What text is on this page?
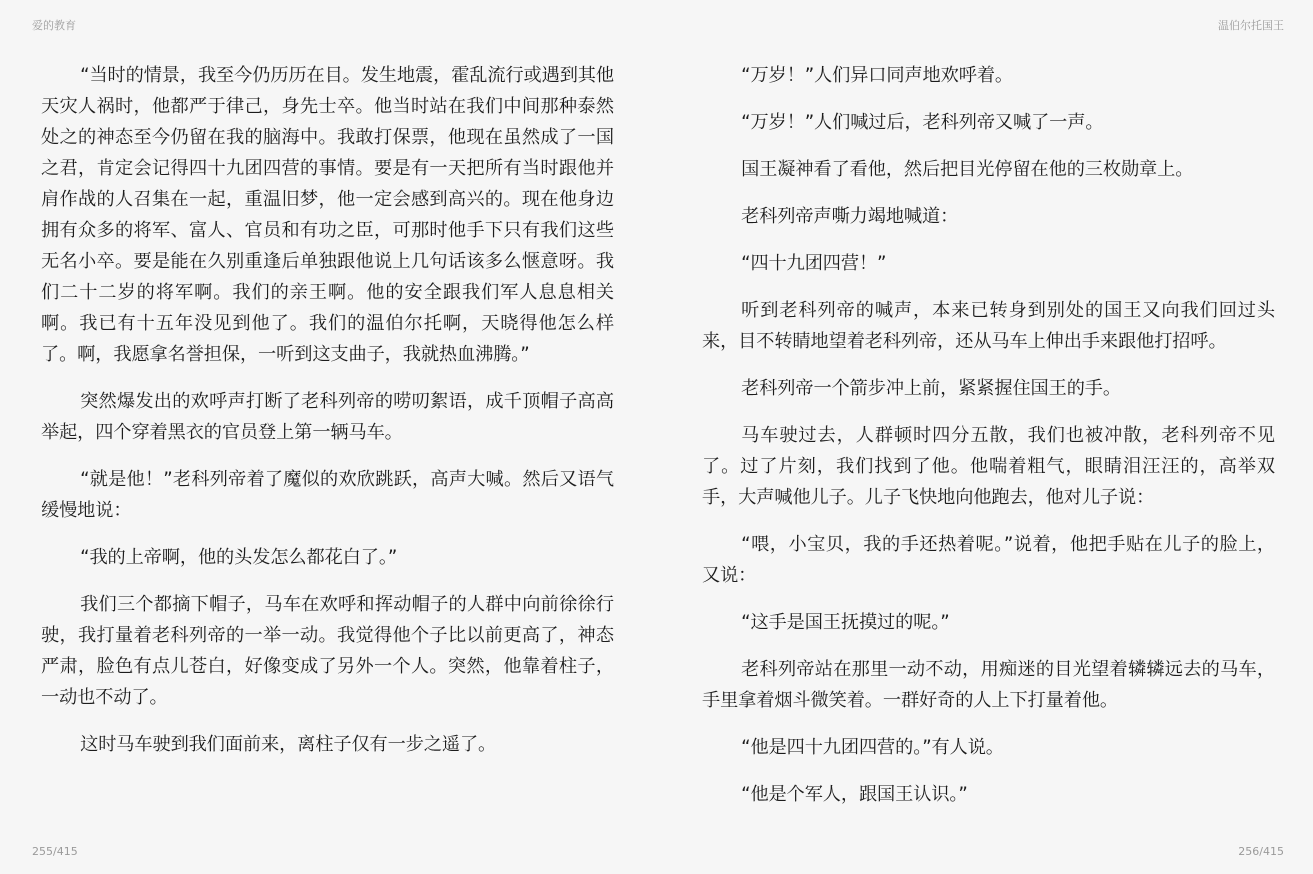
爱的教育	温伯尔托国王

“当时的情景，我至今仍历历在目。发生地震，霍乱流行或遇到其他天灾人祸时，他都严于律己，身先士卒。他当时站在我们中间那种泰然处之的神态至今仍留在我的脑海中。我敢打保票，他现在虽然成了一国之君，肯定会记得四十九团四营的事情。要是有一天把所有当时跟他并肩作战的人召集在一起，重温旧梦，他一定会感到高兴的。现在他身边拥有众多的将军、富人、官员和有功之臣，可那时他手下只有我们这些无名小卒。要是能在久别重逢后单独跟他说上几句话该多么惬意呀。我们二十二岁的将军啊。我们的亲王啊。他的安全跟我们军人息息相关啊。我已有十五年没见到他了。我们的温伯尔托啊，天晓得他怎么样了。啊，我愿拿名誉担保，一听到这支曲子，我就热血沸腾。”

突然爆发出的欢呼声打断了老科列帝的唠叨絮语，成千顶帽子高高举起，四个穿着黑衣的官员登上第一辆马车。

“就是他！”老科列帝着了魔似的欢欣跳跃，高声大喊。然后又语气缓慢地说：

“我的上帝啊，他的头发怎么都花白了。”

我们三个都摘下帽子，马车在欢呼和挥动帽子的人群中向前徐徐行驶，我打量着老科列帝的一举一动。我觉得他个子比以前更高了，神态严肃，脸色有点儿苍白，好像变成了另外一个人。突然，他靠着柱子，一动也不动了。

这时马车驶到我们面前来，离柱子仅有一步之遥了。

“万岁！”人们异口同声地欢呼着。

“万岁！”人们喊过后，老科列帝又喊了一声。

国王凝神看了看他，然后把目光停留在他的三枚勋章上。

老科列帝声嘶力竭地喊道：

“四十九团四营！”

听到老科列帝的喊声，本来已转身到别处的国王又向我们回过头来，目不转睛地望着老科列帝，还从马车上伸出手来跟他打招呼。

老科列帝一个箭步冲上前，紧紧握住国王的手。

马车驶过去，人群顿时四分五散，我们也被冲散，老科列帝不见了。过了片刻，我们找到了他。他喘着粗气，眼睛泪汪汪的，高举双手，大声喊他儿子。儿子飞快地向他跑去，他对儿子说：

“喂，小宝贝，我的手还热着呢。”说着，他把手贴在儿子的脸上，又说：

“这手是国王抚摸过的呢。”

老科列帝站在那里一动不动，用痴迷的目光望着辚辚远去的马车，手里拿着烟斗微笑着。一群好奇的人上下打量着他。

“他是四十九团四营的。”有人说。

“他是个军人，跟国王认识。”

255/415	256/415
